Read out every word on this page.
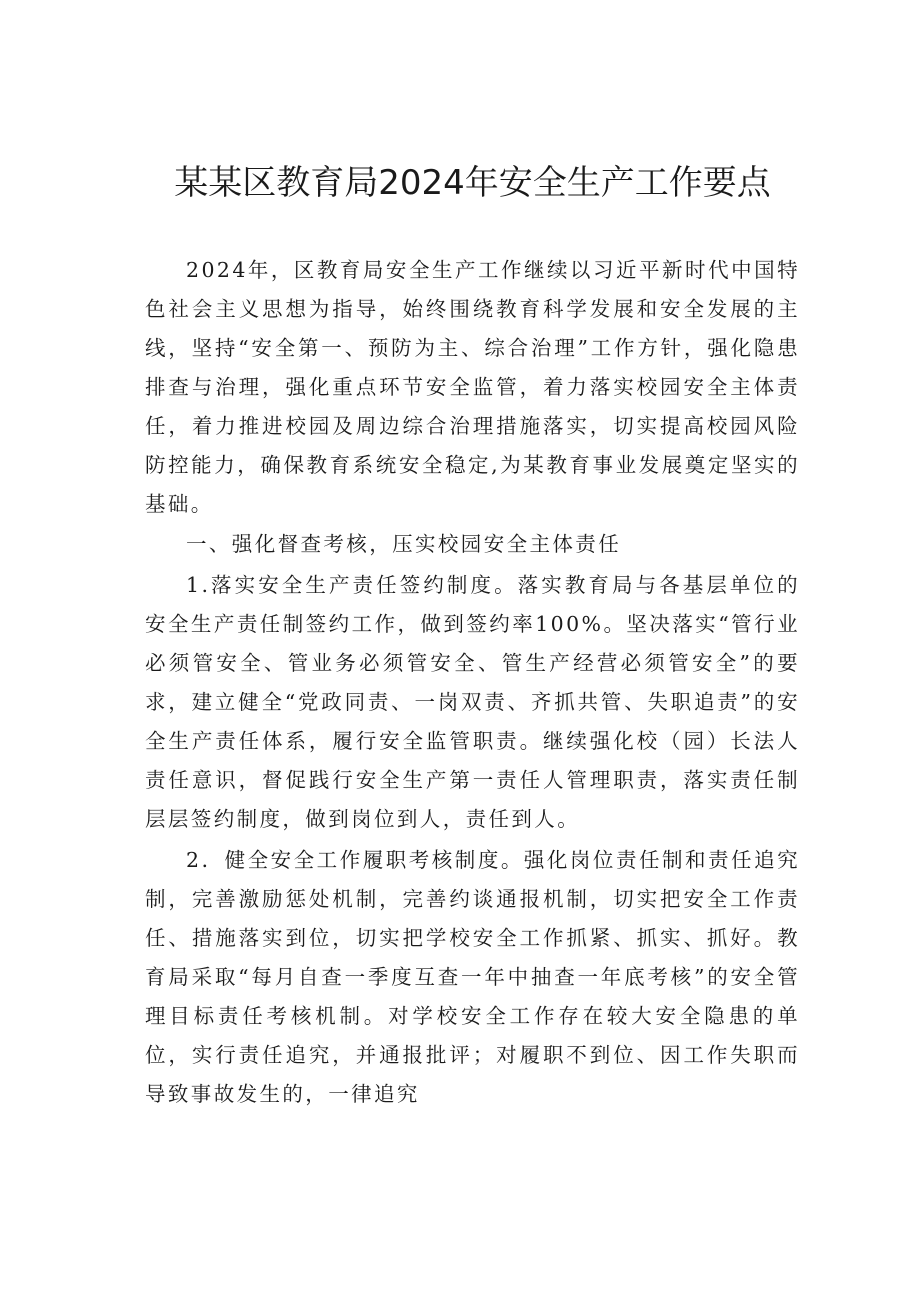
某某区教育局2024年安全生产工作要点

2024年，区教育局安全生产工作继续以习近平新时代中国特色社会主义思想为指导，始终围绕教育科学发展和安全发展的主线，坚持“安全第一、预防为主、综合治理”工作方针，强化隐患排查与治理，强化重点环节安全监管，着力落实校园安全主体责任，着力推进校园及周边综合治理措施落实，切实提高校园风险防控能力，确保教育系统安全稳定,为某教育事业发展奠定坚实的基础。

一、强化督查考核，压实校园安全主体责任

1.落实安全生产责任签约制度。落实教育局与各基层单位的安全生产责任制签约工作，做到签约率100%。坚决落实“管行业必须管安全、管业务必须管安全、管生产经营必须管安全”的要求，建立健全“党政同责、一岗双责、齐抓共管、失职追责”的安全生产责任体系，履行安全监管职责。继续强化校（园）长法人责任意识，督促践行安全生产第一责任人管理职责，落实责任制层层签约制度，做到岗位到人，责任到人。

2．健全安全工作履职考核制度。强化岗位责任制和责任追究制，完善激励惩处机制，完善约谈通报机制，切实把安全工作责任、措施落实到位，切实把学校安全工作抓紧、抓实、抓好。教育局采取“每月自查一季度互查一年中抽查一年底考核”的安全管理目标责任考核机制。对学校安全工作存在较大安全隐患的单位，实行责任追究，并通报批评；对履职不到位、因工作失职而导致事故发生的，一律追究
